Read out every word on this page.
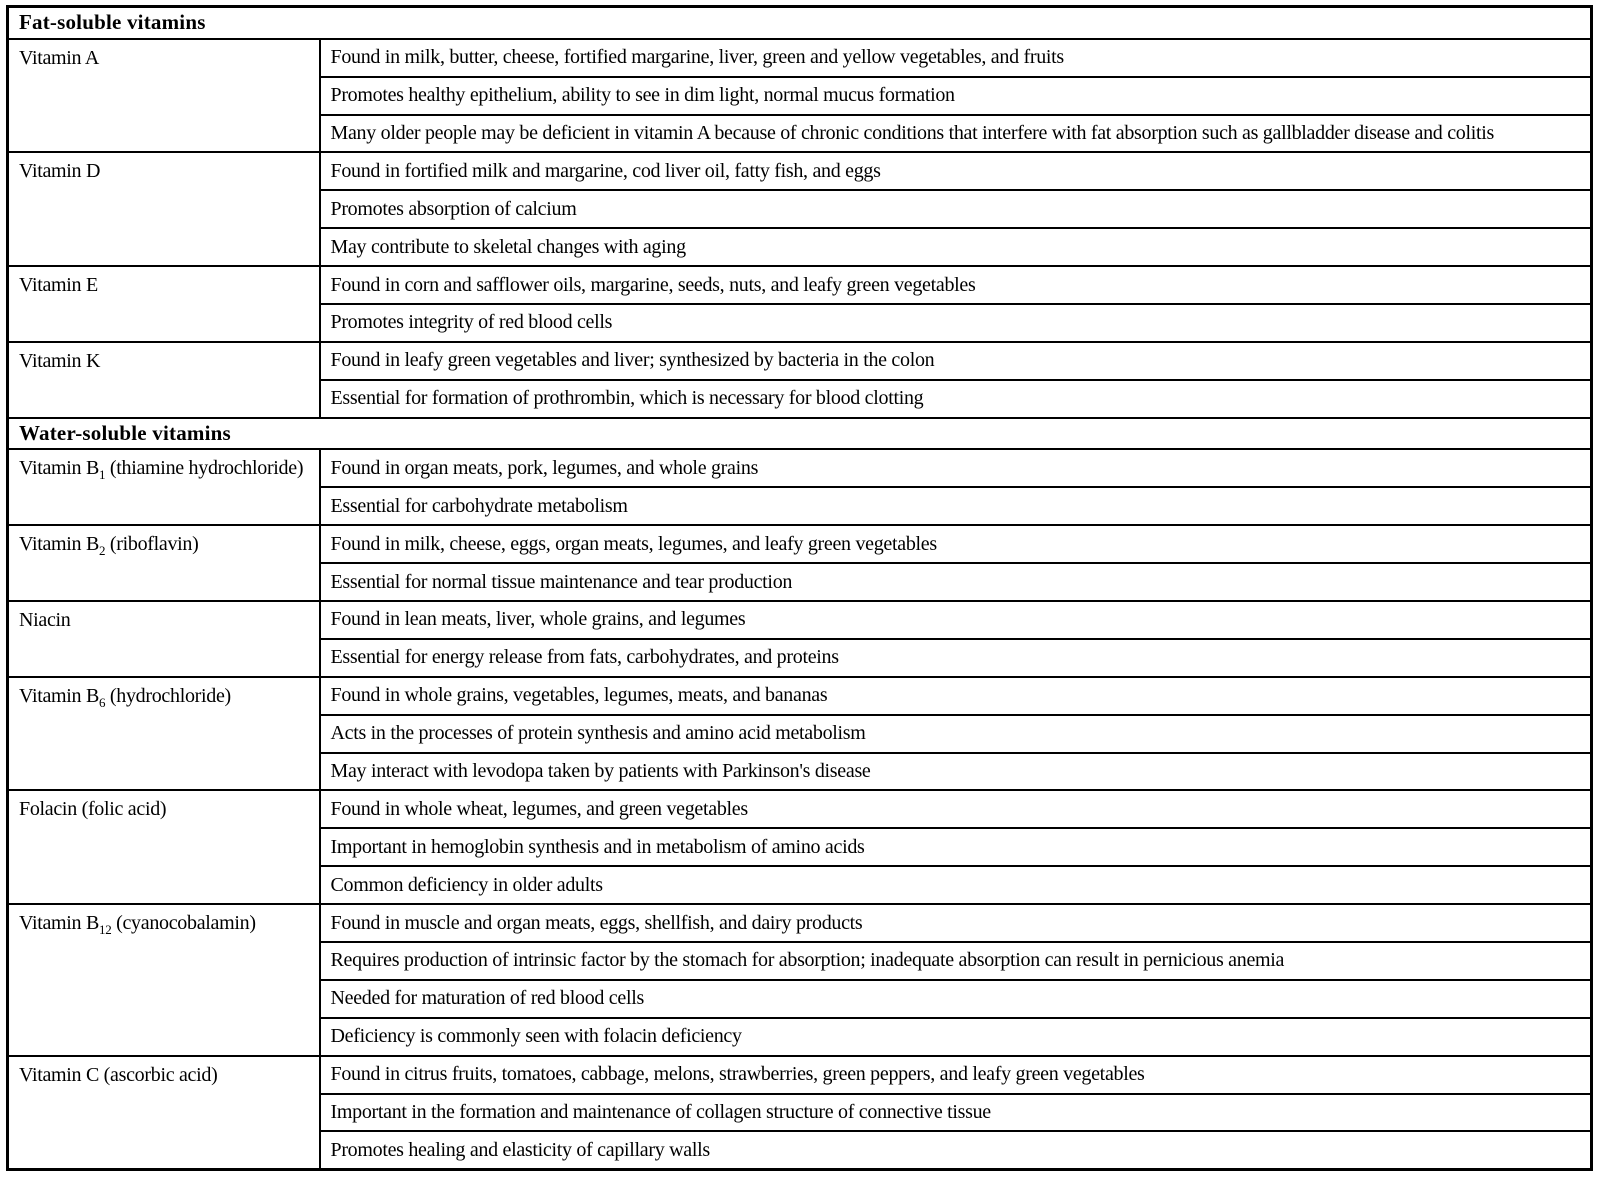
Fat-soluble vitamins	
Vitamin A	Found in milk, butter, cheese, fortified margarine, liver, green and yellow vegetables, and fruits
	Promotes healthy epithelium, ability to see in dim light, normal mucus formation
	Many older people may be deficient in vitamin A because of chronic conditions that interfere with fat absorption such as gallbladder disease and colitis
Vitamin D	Found in fortified milk and margarine, cod liver oil, fatty fish, and eggs
	Promotes absorption of calcium
	May contribute to skeletal changes with aging
Vitamin E	Found in corn and safflower oils, margarine, seeds, nuts, and leafy green vegetables
	Promotes integrity of red blood cells
Vitamin K	Found in leafy green vegetables and liver; synthesized by bacteria in the colon
	Essential for formation of prothrombin, which is necessary for blood clotting
Water-soluble vitamins	
Vitamin $B_1$ (thiamine hydrochloride)	Found in organ meats, pork, legumes, and whole grains
	Essential for carbohydrate metabolism
Vitamin $B_2$ (riboflavin)	Found in milk, cheese, eggs, organ meats, legumes, and leafy green vegetables
	Essential for normal tissue maintenance and tear production
Niacin	Found in lean meats, liver, whole grains, and legumes
	Essential for energy release from fats, carbohydrates, and proteins
Vitamin $B_6$ (hydrochloride)	Found in whole grains, vegetables, legumes, meats, and bananas
	Acts in the processes of protein synthesis and amino acid metabolism
	May interact with levodopa taken by patients with Parkinson's disease
Folacin (folic acid)	Found in whole wheat, legumes, and green vegetables
	Important in hemoglobin synthesis and in metabolism of amino acids
	Common deficiency in older adults
Vitamin $B_{12}$ (cyanocobalamin)	Found in muscle and organ meats, eggs, shellfish, and dairy products
	Requires production of intrinsic factor by the stomach for absorption; inadequate absorption can result in pernicious anemia
	Needed for maturation of red blood cells
	Deficiency is commonly seen with folacin deficiency
Vitamin C (ascorbic acid)	Found in citrus fruits, tomatoes, cabbage, melons, strawberries, green peppers, and leafy green vegetables
	Important in the formation and maintenance of collagen structure of connective tissue
	Promotes healing and elasticity of capillary walls
